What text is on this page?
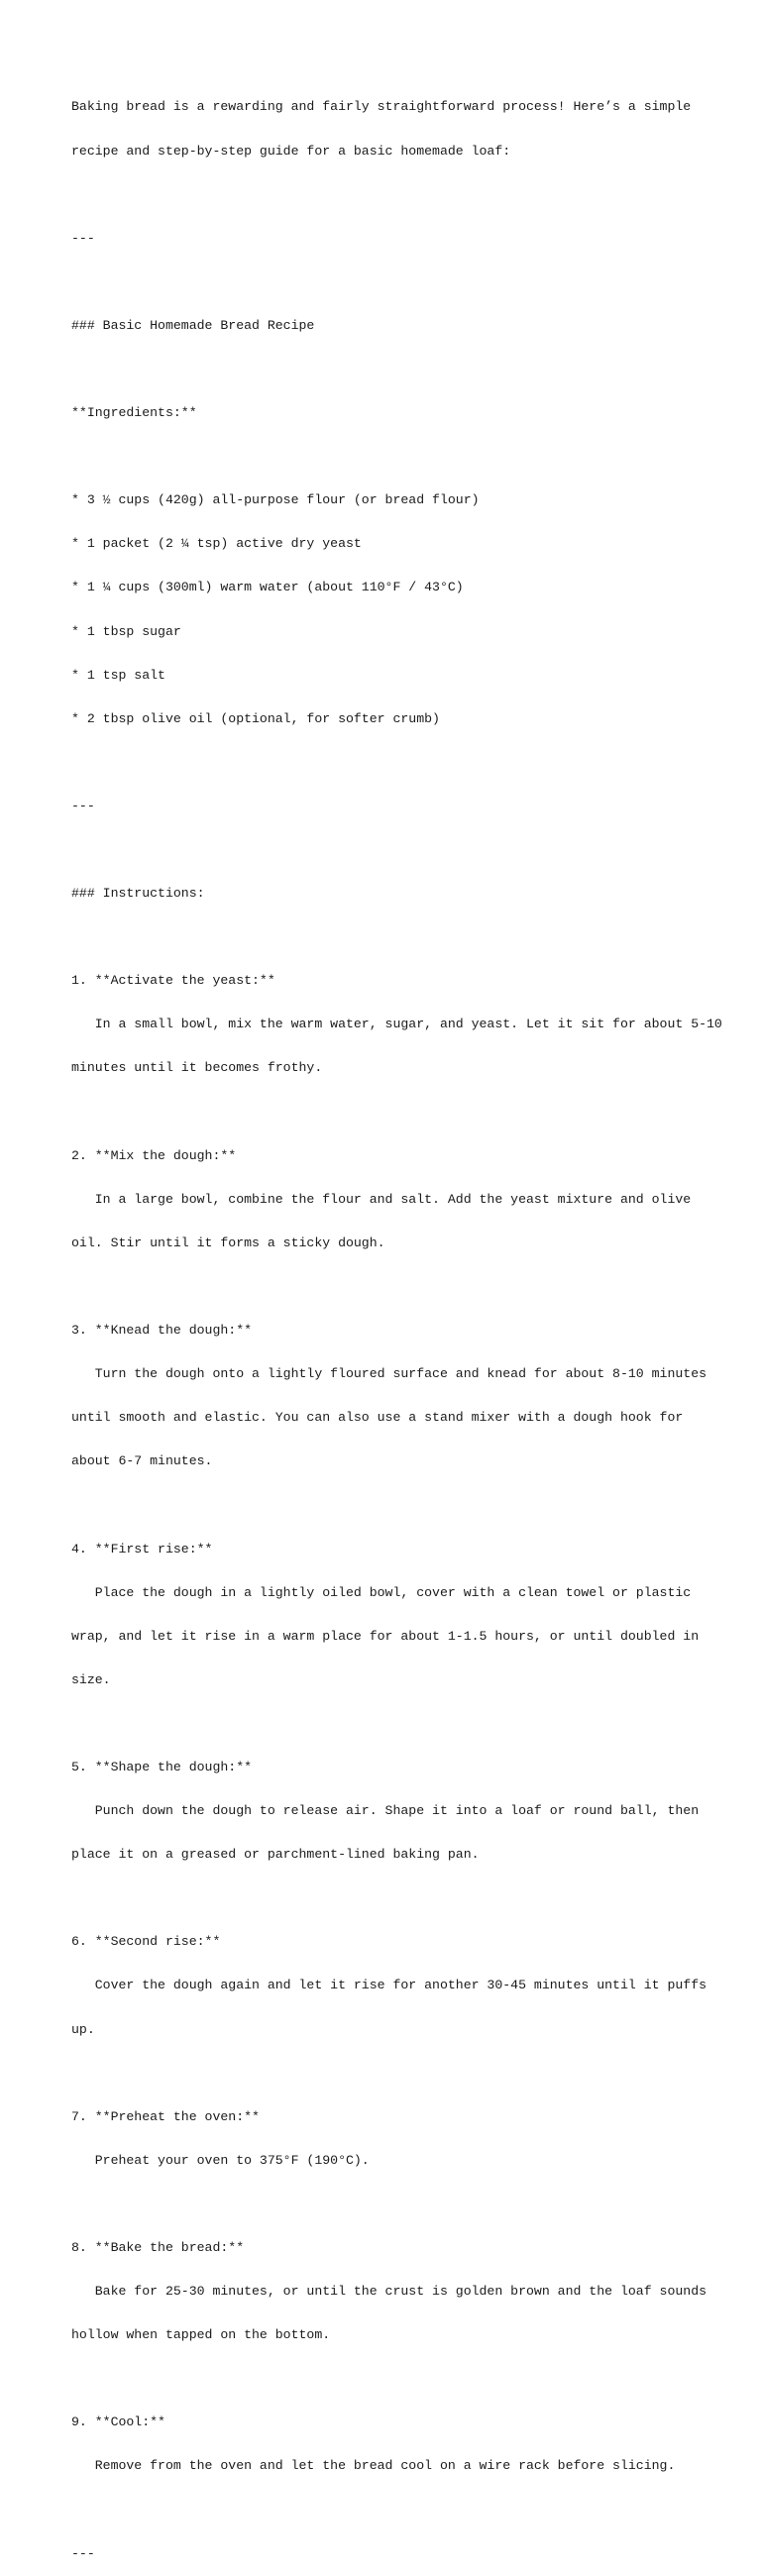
Baking bread is a rewarding and fairly straightforward process! Here’s a simple

recipe and step-by-step guide for a basic homemade loaf:

---

### Basic Homemade Bread Recipe

**Ingredients:**

* 3 ½ cups (420g) all-purpose flour (or bread flour)

* 1 packet (2 ¼ tsp) active dry yeast

* 1 ¼ cups (300ml) warm water (about 110°F / 43°C)

* 1 tbsp sugar

* 1 tsp salt

* 2 tbsp olive oil (optional, for softer crumb)

---

### Instructions:

1. **Activate the yeast:**

In a small bowl, mix the warm water, sugar, and yeast. Let it sit for about 5-10

minutes until it becomes frothy.

2. **Mix the dough:**

In a large bowl, combine the flour and salt. Add the yeast mixture and olive

oil. Stir until it forms a sticky dough.

3. **Knead the dough:**

Turn the dough onto a lightly floured surface and knead for about 8-10 minutes

until smooth and elastic. You can also use a stand mixer with a dough hook for

about 6-7 minutes.

4. **First rise:**

Place the dough in a lightly oiled bowl, cover with a clean towel or plastic

wrap, and let it rise in a warm place for about 1-1.5 hours, or until doubled in

size.

5. **Shape the dough:**

Punch down the dough to release air. Shape it into a loaf or round ball, then

place it on a greased or parchment-lined baking pan.

6. **Second rise:**

Cover the dough again and let it rise for another 30-45 minutes until it puffs

up.

7. **Preheat the oven:**

Preheat your oven to 375°F (190°C).

8. **Bake the bread:**

Bake for 25-30 minutes, or until the crust is golden brown and the loaf sounds

hollow when tapped on the bottom.

9. **Cool:**

Remove from the oven and let the bread cool on a wire rack before slicing.

---
